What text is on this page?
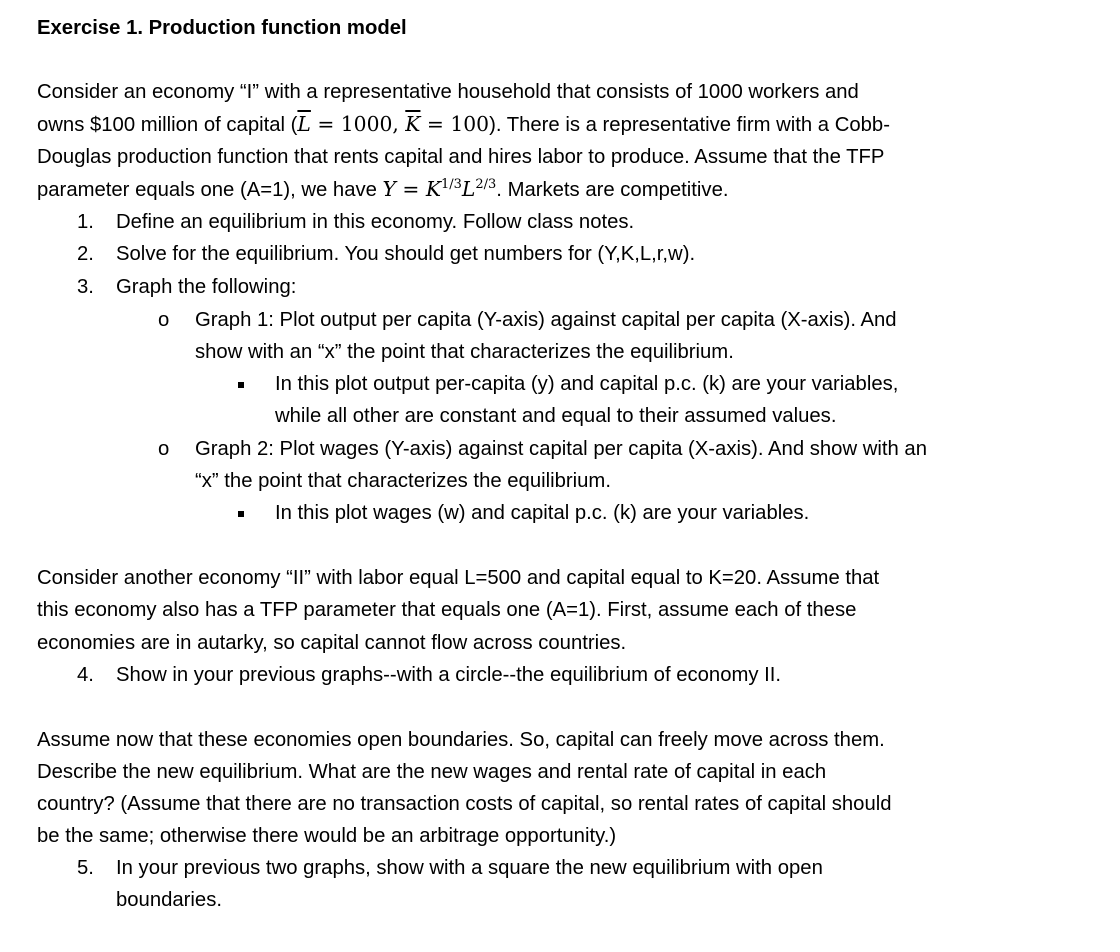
Exercise 1. Production function model
Consider an economy “I” with a representative household that consists of 1000 workers and
owns $100 million of capital ($\overline{L} = 1000$, $\overline{K} = 100$). There is a representative firm with a Cobb-
Douglas production function that rents capital and hires labor to produce. Assume that the TFP
parameter equals one (A=1), we have $Y = K^{1/3}L^{2/3}$. Markets are competitive.
1. Define an equilibrium in this economy. Follow class notes.
2. Solve for the equilibrium. You should get numbers for (Y,K,L,r,w).
3. Graph the following:
o Graph 1: Plot output per capita (Y-axis) against capital per capita (X-axis). And
show with an “x” the point that characterizes the equilibrium.
In this plot output per-capita (y) and capital p.c. (k) are your variables,
while all other are constant and equal to their assumed values.
o Graph 2: Plot wages (Y-axis) against capital per capita (X-axis). And show with an
“x” the point that characterizes the equilibrium.
In this plot wages (w) and capital p.c. (k) are your variables.
Consider another economy “II” with labor equal L=500 and capital equal to K=20. Assume that
this economy also has a TFP parameter that equals one (A=1). First, assume each of these
economies are in autarky, so capital cannot flow across countries.
4. Show in your previous graphs--with a circle--the equilibrium of economy II.
Assume now that these economies open boundaries. So, capital can freely move across them.
Describe the new equilibrium. What are the new wages and rental rate of capital in each
country? (Assume that there are no transaction costs of capital, so rental rates of capital should
be the same; otherwise there would be an arbitrage opportunity.)
5. In your previous two graphs, show with a square the new equilibrium with open
boundaries.
